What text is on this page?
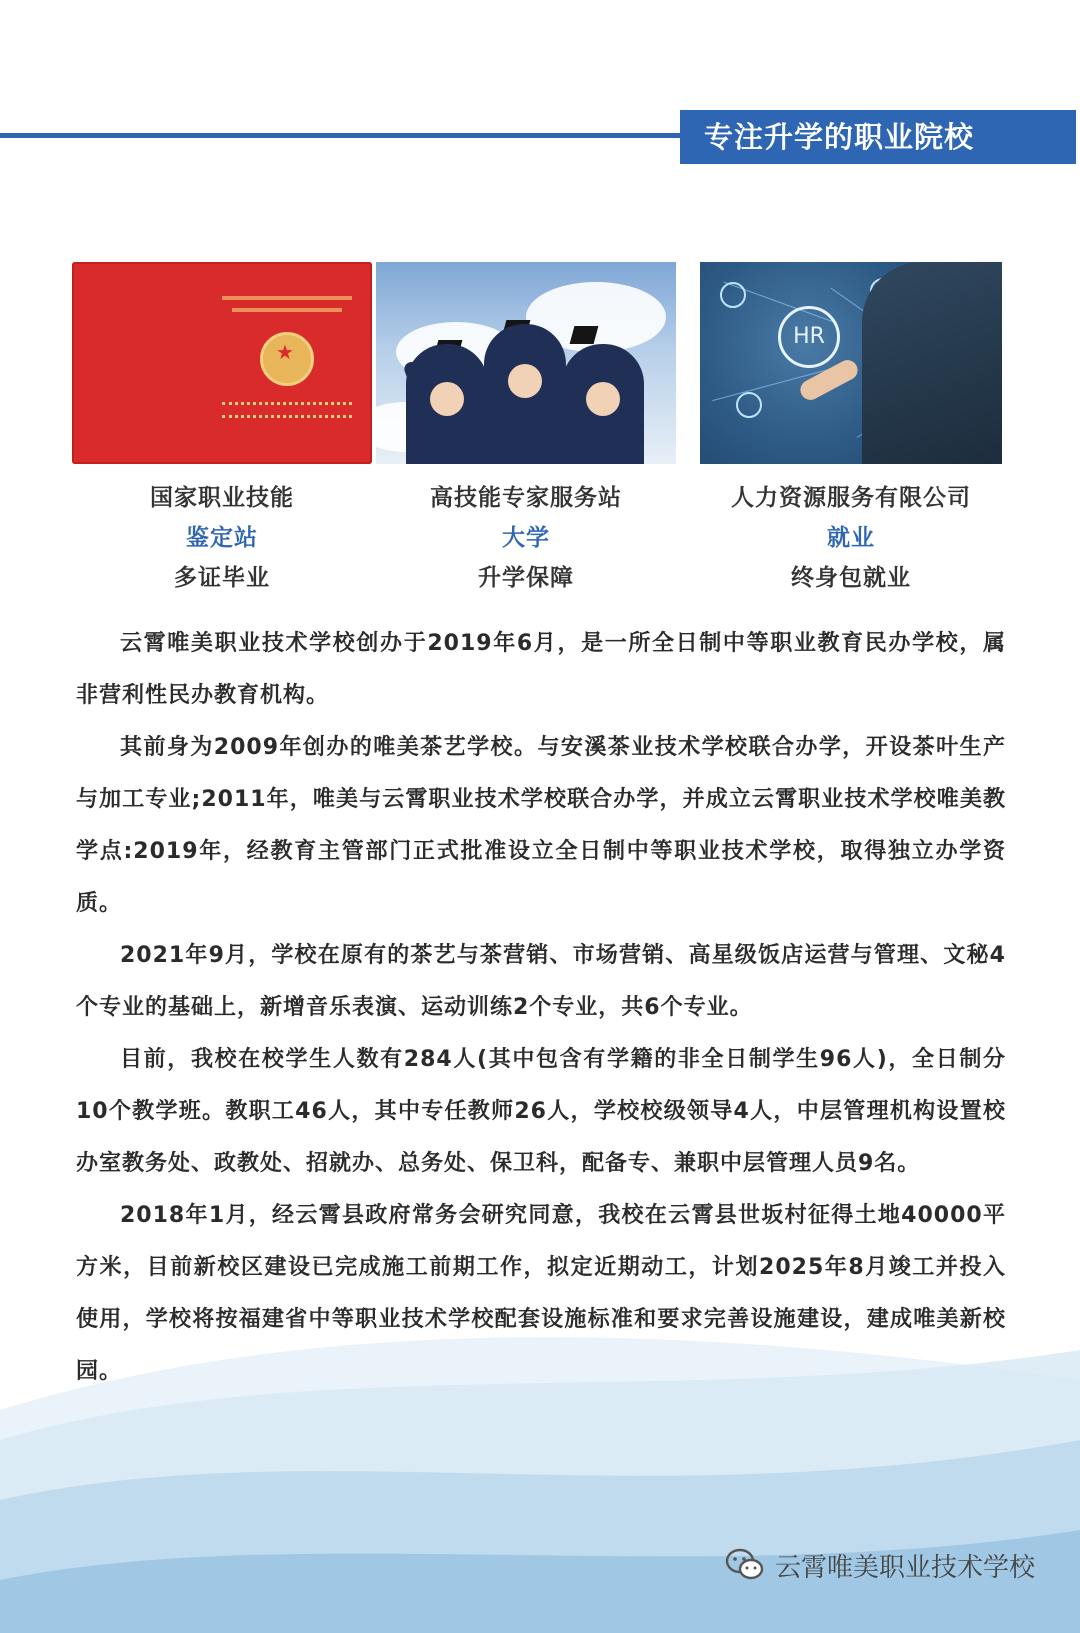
专注升学的职业院校
★
国家职业技能
鉴定站
多证毕业
高技能专家服务站
大学
升学保障
HR
人力资源服务有限公司
就业
终身包就业

云霄唯美职业技术学校创办于2019年6月，是一所全日制中等职业教育民办学校，属非营利性民办教育机构。

其前身为2009年创办的唯美茶艺学校。与安溪茶业技术学校联合办学，开设茶叶生产与加工专业;2011年，唯美与云霄职业技术学校联合办学，并成立云霄职业技术学校唯美教学点:2019年，经教育主管部门正式批准设立全日制中等职业技术学校，取得独立办学资质。

2021年9月，学校在原有的茶艺与茶营销、市场营销、高星级饭店运营与管理、文秘4个专业的基础上，新增音乐表演、运动训练2个专业，共6个专业。

目前，我校在校学生人数有284人(其中包含有学籍的非全日制学生96人)，全日制分10个教学班。教职工46人，其中专任教师26人，学校校级领导4人，中层管理机构设置校办室教务处、政教处、招就办、总务处、保卫科，配备专、兼职中层管理人员9名。

2018年1月，经云霄县政府常务会研究同意，我校在云霄县世坂村征得土地40000平方米，目前新校区建设已完成施工前期工作，拟定近期动工，计划2025年8月竣工并投入使用，学校将按福建省中等职业技术学校配套设施标准和要求完善设施建设，建成唯美新校园。

云霄唯美职业技术学校
